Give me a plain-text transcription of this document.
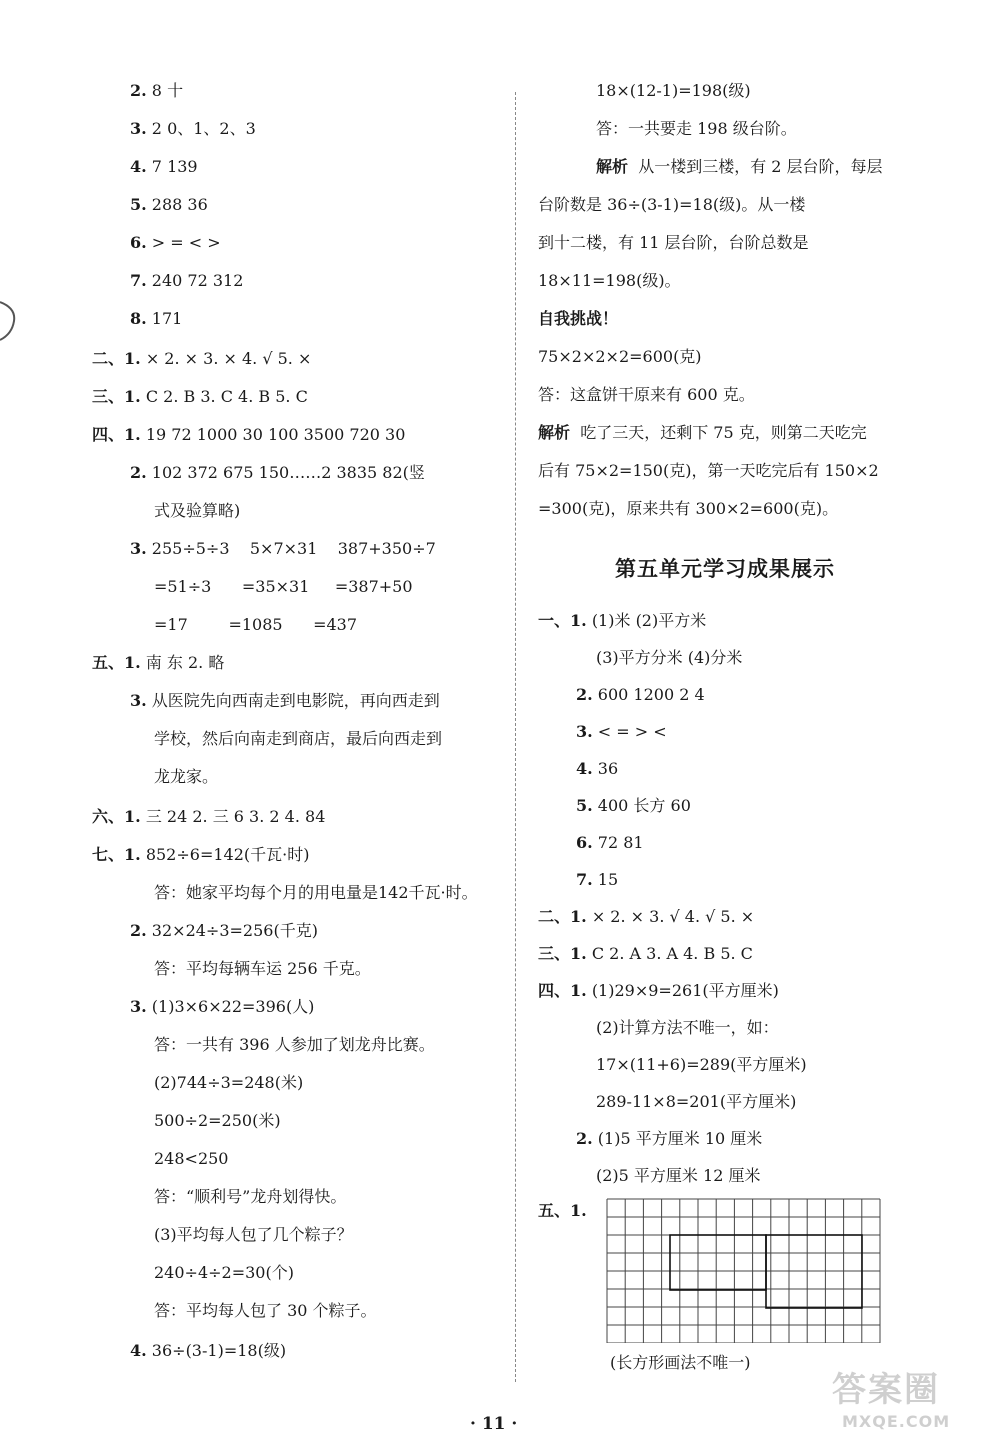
2. 8 十
3. 2 0、1、2、3
4. 7 139
5. 288 36
6. > = < >
7. 240 72 312
8. 171
二、1. × 2. × 3. × 4. √ 5. ×
三、1. C 2. B 3. C 4. B 5. C
四、1. 19 72 1000 30 100 3500 720 30
2. 102 372 675 150……2 3835 82(竖
式及验算略)
3. 255÷5÷3    5×7×31    387+350÷7
=51÷3      =35×31     =387+50
=17        =1085      =437
五、1. 南 东 2. 略
3. 从医院先向西南走到电影院，再向西走到
学校，然后向南走到商店，最后向西走到
龙龙家。
六、1. 三 24 2. 三 6 3. 2 4. 84
七、1. 852÷6=142(千瓦·时)
答：她家平均每个月的用电量是142千瓦·时。
2. 32×24÷3=256(千克)
答：平均每辆车运 256 千克。
3. (1)3×6×22=396(人)
答：一共有 396 人参加了划龙舟比赛。
(2)744÷3=248(米)
500÷2=250(米)
248<250
答：“顺利号”龙舟划得快。
(3)平均每人包了几个粽子？
240÷4÷2=30(个)
答：平均每人包了 30 个粽子。
4. 36÷(3-1)=18(级)
18×(12-1)=198(级)
答：一共要走 198 级台阶。
解析 从一楼到三楼，有 2 层台阶，每层
台阶数是 36÷(3-1)=18(级)。从一楼
到十二楼，有 11 层台阶，台阶总数是
18×11=198(级)。
自我挑战！
75×2×2×2=600(克)
答：这盒饼干原来有 600 克。
解析 吃了三天，还剩下 75 克，则第二天吃完
后有 75×2=150(克)，第一天吃完后有 150×2
=300(克)，原来共有 300×2=600(克)。
第五单元学习成果展示
一、1. (1)米 (2)平方米
(3)平方分米 (4)分米
2. 600 1200 2 4
3. < = > <
4. 36
5. 400 长方 60
6. 72 81
7. 15
二、1. × 2. × 3. √ 4. √ 5. ×
三、1. C 2. A 3. A 4. B 5. C
四、1. (1)29×9=261(平方厘米)
(2)计算方法不唯一，如：
17×(11+6)=289(平方厘米)
289-11×8=201(平方厘米)
2. (1)5 平方厘米 10 厘米
(2)5 平方厘米 12 厘米
五、1.
(长方形画法不唯一)
· 11 ·
答案圈
MXQE.COM
